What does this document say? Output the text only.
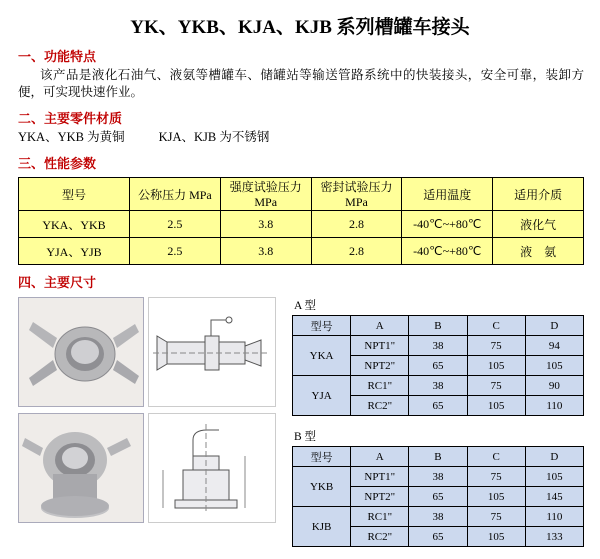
YK、YKB、KJA、KJB 系列槽罐车接头
一、功能特点
该产品是液化石油气、液氨等槽罐车、储罐站等输送管路系统中的快装接头，安全可靠，装卸方便，可实现快速作业。
二、主要零件材质
YKA、YKB 为黄铜	KJA、KJB 为不锈钢
三、性能参数
型号	公称压力 MPa	强度试验压力 MPa	密封试验压力 MPa	适用温度	适用介质
YKA、YKB	2.5	3.8	2.8	-40℃~+80℃	液化气
YJA、YJB	2.5	3.8	2.8	-40℃~+80℃	液　氨
四、主要尺寸
A 型
型号	A	B	C	D
YKA	NPT1"	38	75	94
	NPT2"	65	105	105
YJA	RC1"	38	75	90
	RC2"	65	105	110
B 型
型号	A	B	C	D
YKB	NPT1"	38	75	105
	NPT2"	65	105	145
KJB	RC1"	38	75	110
	RC2"	65	105	133
